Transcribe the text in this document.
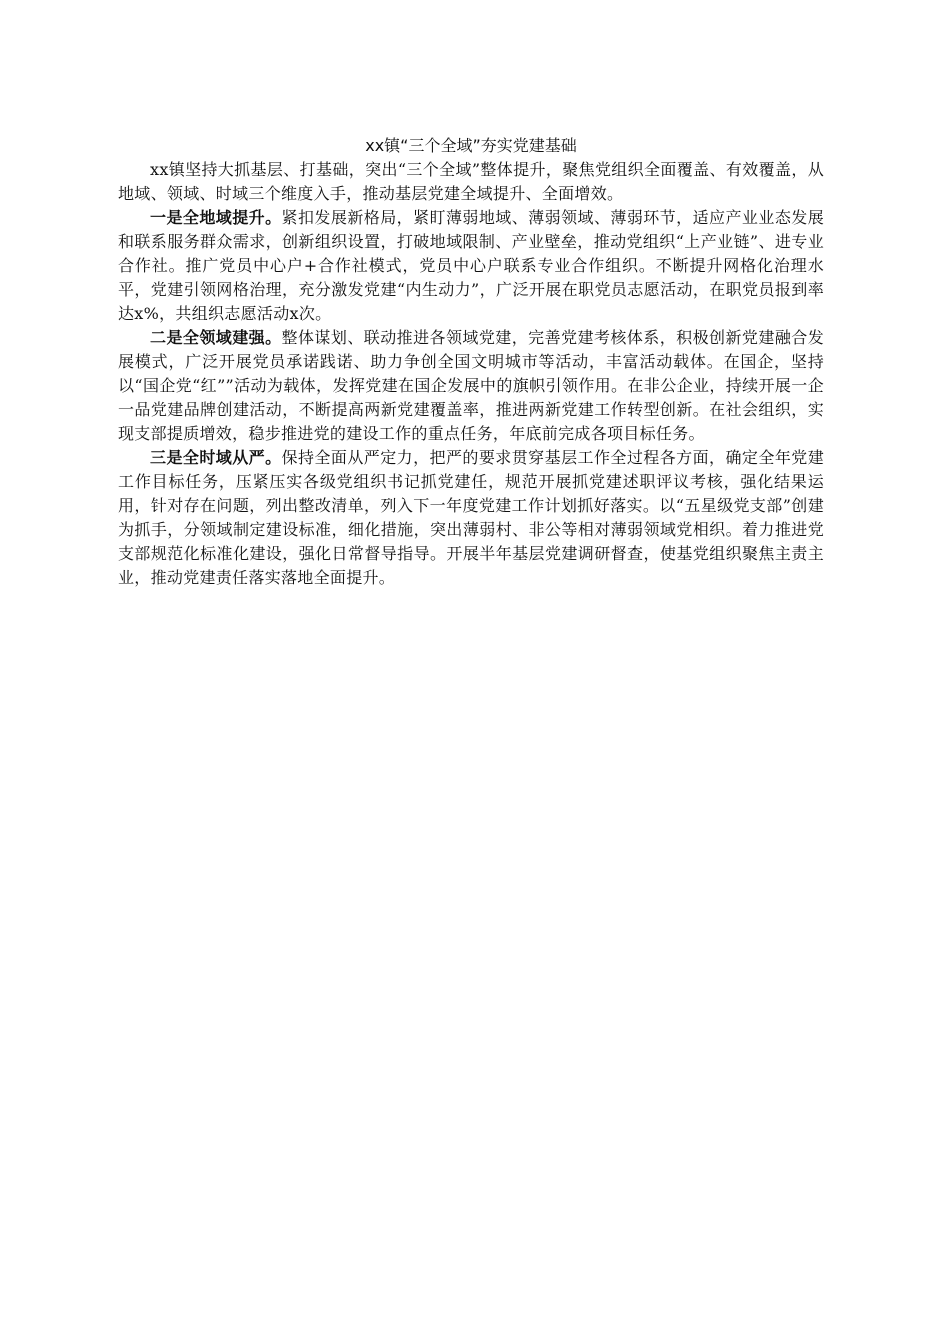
xx镇“三个全域”夯实党建基础

xx镇坚持大抓基层、打基础，突出“三个全域”整体提升，聚焦党组织全面覆盖、有效覆盖，从地域、领域、时域三个维度入手，推动基层党建全域提升、全面增效。

一是全地域提升。紧扣发展新格局，紧盯薄弱地域、薄弱领域、薄弱环节，适应产业业态发展和联系服务群众需求，创新组织设置，打破地域限制、产业壁垒，推动党组织“上产业链”、进专业合作社。推广党员中心户+合作社模式，党员中心户联系专业合作组织。不断提升网格化治理水平，党建引领网格治理，充分激发党建“内生动力”，广泛开展在职党员志愿活动，在职党员报到率达x%，共组织志愿活动x次。

二是全领域建强。整体谋划、联动推进各领域党建，完善党建考核体系，积极创新党建融合发展模式，广泛开展党员承诺践诺、助力争创全国文明城市等活动，丰富活动载体。在国企，坚持以“国企党“红””活动为载体，发挥党建在国企发展中的旗帜引领作用。在非公企业，持续开展一企一品党建品牌创建活动，不断提高两新党建覆盖率，推进两新党建工作转型创新。在社会组织，实现支部提质增效，稳步推进党的建设工作的重点任务，年底前完成各项目标任务。

三是全时域从严。保持全面从严定力，把严的要求贯穿基层工作全过程各方面，确定全年党建工作目标任务，压紧压实各级党组织书记抓党建任，规范开展抓党建述职评议考核，强化结果运用，针对存在问题，列出整改清单，列入下一年度党建工作计划抓好落实。以“五星级党支部”创建为抓手，分领域制定建设标准，细化措施，突出薄弱村、非公等相对薄弱领域党相织。着力推进党支部规范化标准化建设，强化日常督导指导。开展半年基层党建调研督查，使基党组织聚焦主责主业，推动党建责任落实落地全面提升。
